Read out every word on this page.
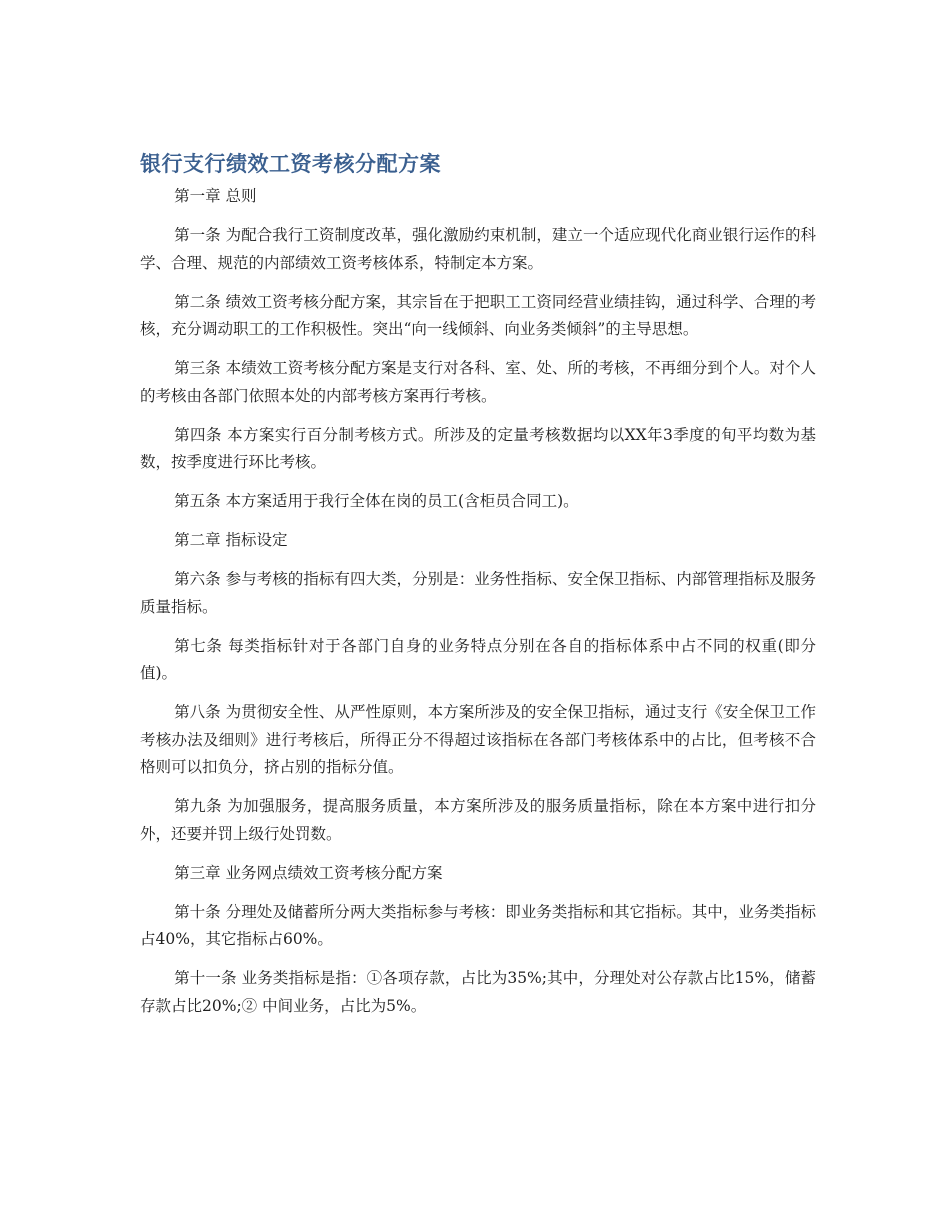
银行支行绩效工资考核分配方案

第一章 总则

第一条 为配合我行工资制度改革，强化激励约束机制，建立一个适应现代化商业银行运作的科学、合理、规范的内部绩效工资考核体系，特制定本方案。

第二条 绩效工资考核分配方案，其宗旨在于把职工工资同经营业绩挂钩，通过科学、合理的考核，充分调动职工的工作积极性。突出“向一线倾斜、向业务类倾斜”的主导思想。

第三条 本绩效工资考核分配方案是支行对各科、室、处、所的考核，不再细分到个人。对个人的考核由各部门依照本处的内部考核方案再行考核。

第四条 本方案实行百分制考核方式。所涉及的定量考核数据均以XX年3季度的旬平均数为基数，按季度进行环比考核。

第五条 本方案适用于我行全体在岗的员工(含柜员合同工)。

第二章 指标设定

第六条 参与考核的指标有四大类，分别是：业务性指标、安全保卫指标、内部管理指标及服务质量指标。

第七条 每类指标针对于各部门自身的业务特点分别在各自的指标体系中占不同的权重(即分值)。

第八条 为贯彻安全性、从严性原则，本方案所涉及的安全保卫指标，通过支行《安全保卫工作考核办法及细则》进行考核后，所得正分不得超过该指标在各部门考核体系中的占比，但考核不合格则可以扣负分，挤占别的指标分值。

第九条 为加强服务，提高服务质量，本方案所涉及的服务质量指标，除在本方案中进行扣分外，还要并罚上级行处罚数。

第三章 业务网点绩效工资考核分配方案

第十条 分理处及储蓄所分两大类指标参与考核：即业务类指标和其它指标。其中，业务类指标占40%，其它指标占60%。

第十一条 业务类指标是指：①各项存款，占比为35%;其中，分理处对公存款占比15%，储蓄存款占比20%;② 中间业务，占比为5%。
